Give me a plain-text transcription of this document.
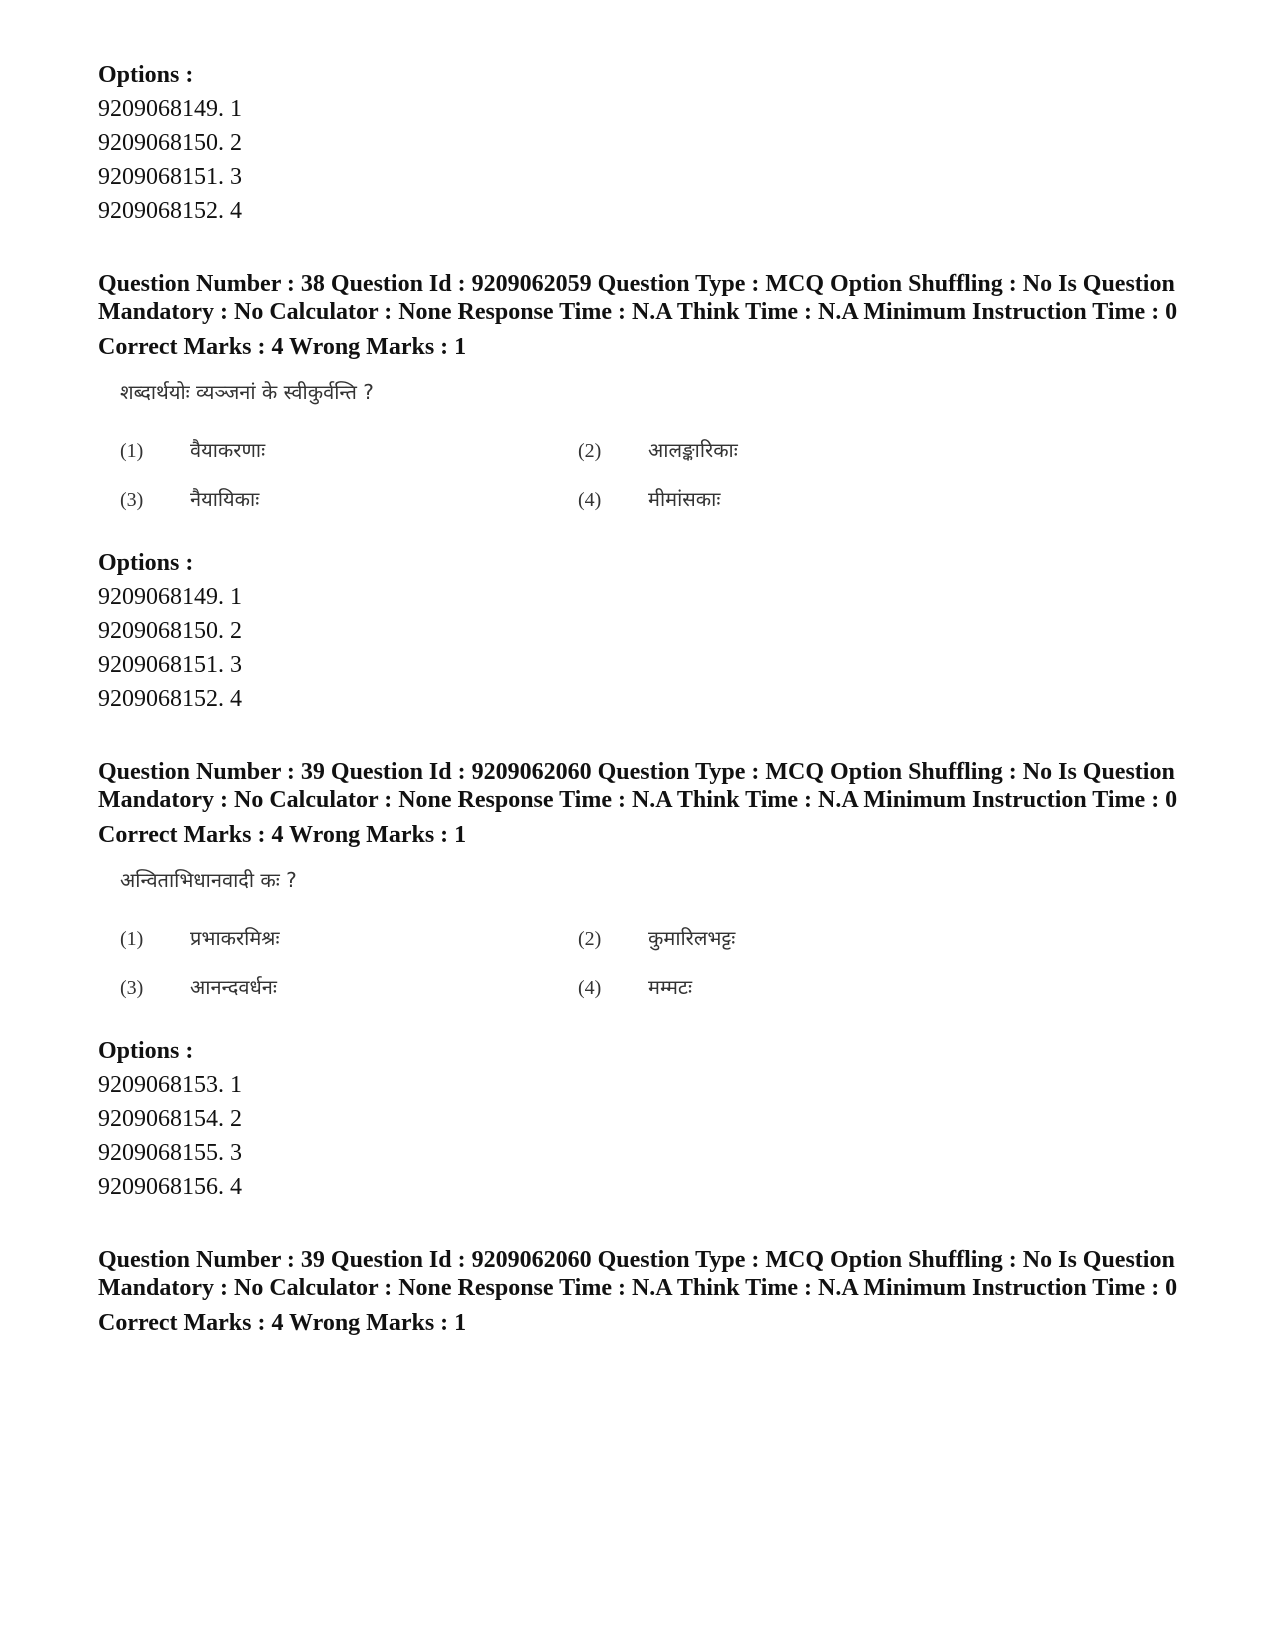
Options :
9209068149. 1
9209068150. 2
9209068151. 3
9209068152. 4
Question Number : 38 Question Id : 9209062059 Question Type : MCQ Option Shuffling : No Is Question Mandatory : No Calculator : None Response Time : N.A Think Time : N.A Minimum Instruction Time : 0
Correct Marks : 4 Wrong Marks : 1
शब्दार्थयोः व्यञ्जनां के स्वीकुर्वन्ति ?
(1) वैयाकरणाः	(2) आलङ्कारिकाः
(3) नैयायिकाः	(4) मीमांसकाः
Options :
9209068149. 1
9209068150. 2
9209068151. 3
9209068152. 4
Question Number : 39 Question Id : 9209062060 Question Type : MCQ Option Shuffling : No Is Question Mandatory : No Calculator : None Response Time : N.A Think Time : N.A Minimum Instruction Time : 0
Correct Marks : 4 Wrong Marks : 1
अन्विताभिधानवादी कः ?
(1) प्रभाकरमिश्रः	(2) कुमारिलभट्टः
(3) आनन्दवर्धनः	(4) मम्मटः
Options :
9209068153. 1
9209068154. 2
9209068155. 3
9209068156. 4
Question Number : 39 Question Id : 9209062060 Question Type : MCQ Option Shuffling : No Is Question Mandatory : No Calculator : None Response Time : N.A Think Time : N.A Minimum Instruction Time : 0
Correct Marks : 4 Wrong Marks : 1
